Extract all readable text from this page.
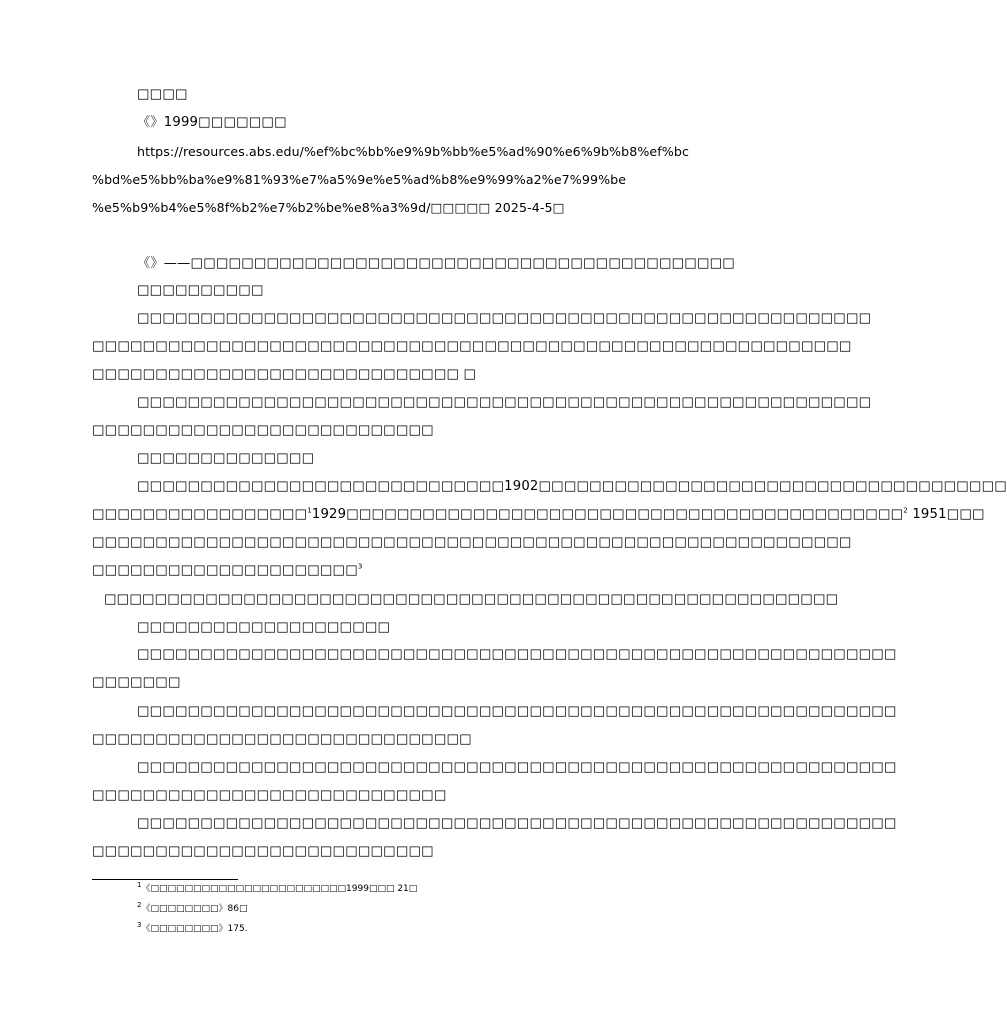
□□□□
《》1999□□□□□□□
https://resources.abs.edu/%ef%bc%bb%e9%9b%bb%e5%ad%90%e6%9b%b8%ef%bc
%bd%e5%bb%ba%e9%81%93%e7%a5%9e%e5%ad%b8%e9%99%a2%e7%99%be
%e5%b9%b4%e5%8f%b2%e7%b2%be%e8%a3%9d/□□□□□ 2025-4-5□
《》——□□□□□□□□□□□□□□□□□□□□□□□□□□□□□□□□□□□□□□□□□□□
□□□□□□□□□□
□□□□□□□□□□□□□□□□□□□□□□□□□□□□□□□□□□□□□□□□□□□□□□□□□□□□□□□□□□
□□□□□□□□□□□□□□□□□□□□□□□□□□□□□□□□□□□□□□□□□□□□□□□□□□□□□□□□□□□□
□□□□□□□□□□□□□□□□□□□□□□□□□□□□□ □
□□□□□□□□□□□□□□□□□□□□□□□□□□□□□□□□□□□□□□□□□□□□□□□□□□□□□□□□□□
□□□□□□□□□□□□□□□□□□□□□□□□□□□
□□□□□□□□□□□□□□
□□□□□□□□□□□□□□□□□□□□□□□□□□□□□1902□□□□□□□□□□□□□□□□□□□□□□□□□□□□□□□□□□□□□
□□□□□□□□□□□□□□□□□$^1$1929□□□□□□□□□□□□□□□□□□□□□□□□□□□□□□□□□□□□□□□□□□□□$^2$ 1951□□□
□□□□□□□□□□□□□□□□□□□□□□□□□□□□□□□□□□□□□□□□□□□□□□□□□□□□□□□□□□□□
□□□□□□□□□□□□□□□□□□□□□$^3$
□□□□□□□□□□□□□□□□□□□□□□□□□□□□□□□□□□□□□□□□□□□□□□□□□□□□□□□□□□
□□□□□□□□□□□□□□□□□□□□
□□□□□□□□□□□□□□□□□□□□□□□□□□□□□□□□□□□□□□□□□□□□□□□□□□□□□□□□□□□□
□□□□□□□
□□□□□□□□□□□□□□□□□□□□□□□□□□□□□□□□□□□□□□□□□□□□□□□□□□□□□□□□□□□□
□□□□□□□□□□□□□□□□□□□□□□□□□□□□□□
□□□□□□□□□□□□□□□□□□□□□□□□□□□□□□□□□□□□□□□□□□□□□□□□□□□□□□□□□□□□
□□□□□□□□□□□□□□□□□□□□□□□□□□□□
□□□□□□□□□□□□□□□□□□□□□□□□□□□□□□□□□□□□□□□□□□□□□□□□□□□□□□□□□□□□
□□□□□□□□□□□□□□□□□□□□□□□□□□□
$^1$《□□□□□□□□□□□□□□□□□□□□□□□1999□□□ 21□
$^2$《□□□□□□□□》86□
$^3$《□□□□□□□□》175.
